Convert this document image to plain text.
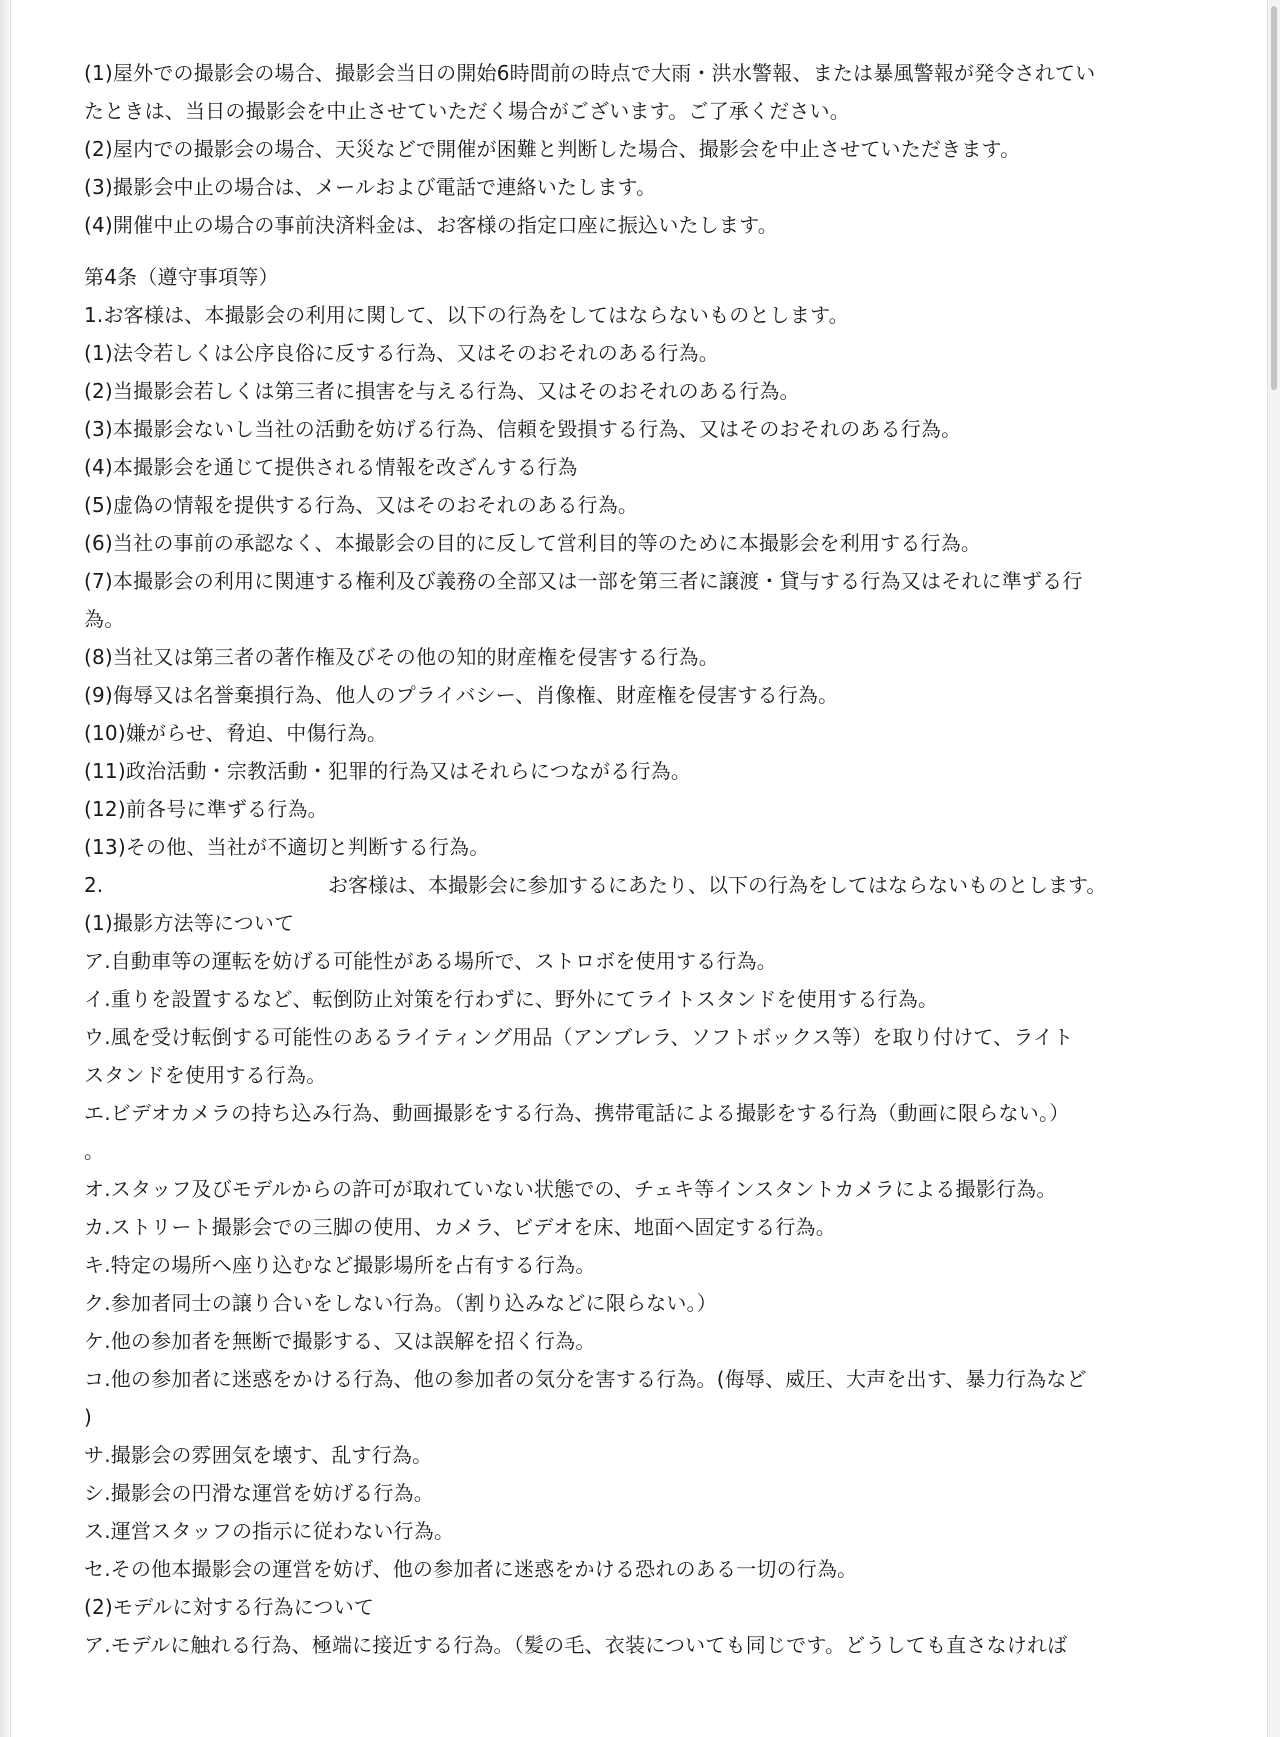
(1)屋外での撮影会の場合、撮影会当日の開始6時間前の時点で大雨・洪水警報、または暴風警報が発令されてい
たときは、当日の撮影会を中止させていただく場合がございます。ご了承ください。
(2)屋内での撮影会の場合、天災などで開催が困難と判断した場合、撮影会を中止させていただきます。
(3)撮影会中止の場合は、メールおよび電話で連絡いたします。
(4)開催中止の場合の事前決済料金は、お客様の指定口座に振込いたします。
第4条（遵守事項等）
1.お客様は、本撮影会の利用に関して、以下の行為をしてはならないものとします。
(1)法令若しくは公序良俗に反する行為、又はそのおそれのある行為。
(2)当撮影会若しくは第三者に損害を与える行為、又はそのおそれのある行為。
(3)本撮影会ないし当社の活動を妨げる行為、信頼を毀損する行為、又はそのおそれのある行為。
(4)本撮影会を通じて提供される情報を改ざんする行為
(5)虚偽の情報を提供する行為、又はそのおそれのある行為。
(6)当社の事前の承認なく、本撮影会の目的に反して営利目的等のために本撮影会を利用する行為。
(7)本撮影会の利用に関連する権利及び義務の全部又は一部を第三者に譲渡・貸与する行為又はそれに準ずる行
為。
(8)当社又は第三者の著作権及びその他の知的財産権を侵害する行為。
(9)侮辱又は名誉棄損行為、他人のプライバシー、肖像権、財産権を侵害する行為。
(10)嫌がらせ、脅迫、中傷行為。
(11)政治活動・宗教活動・犯罪的行為又はそれらにつながる行為。
(12)前各号に準ずる行為。
(13)その他、当社が不適切と判断する行為。
2.	お客様は、本撮影会に参加するにあたり、以下の行為をしてはならないものとします。
(1)撮影方法等について
ア.自動車等の運転を妨げる可能性がある場所で、ストロボを使用する行為。
イ.重りを設置するなど、転倒防止対策を行わずに、野外にてライトスタンドを使用する行為。
ウ.風を受け転倒する可能性のあるライティング用品（アンブレラ、ソフトボックス等）を取り付けて、ライト
スタンドを使用する行為。
エ.ビデオカメラの持ち込み行為、動画撮影をする行為、携帯電話による撮影をする行為（動画に限らない。）
。
オ.スタッフ及びモデルからの許可が取れていない状態での、チェキ等インスタントカメラによる撮影行為。
カ.ストリート撮影会での三脚の使用、カメラ、ビデオを床、地面へ固定する行為。
キ.特定の場所へ座り込むなど撮影場所を占有する行為。
ク.参加者同士の譲り合いをしない行為。（割り込みなどに限らない。）
ケ.他の参加者を無断で撮影する、又は誤解を招く行為。
コ.他の参加者に迷惑をかける行為、他の参加者の気分を害する行為。(侮辱、威圧、大声を出す、暴力行為など
)
サ.撮影会の雰囲気を壊す、乱す行為。
シ.撮影会の円滑な運営を妨げる行為。
ス.運営スタッフの指示に従わない行為。
セ.その他本撮影会の運営を妨げ、他の参加者に迷惑をかける恐れのある一切の行為。
(2)モデルに対する行為について
ア.モデルに触れる行為、極端に接近する行為。（髪の毛、衣装についても同じです。どうしても直さなければ
